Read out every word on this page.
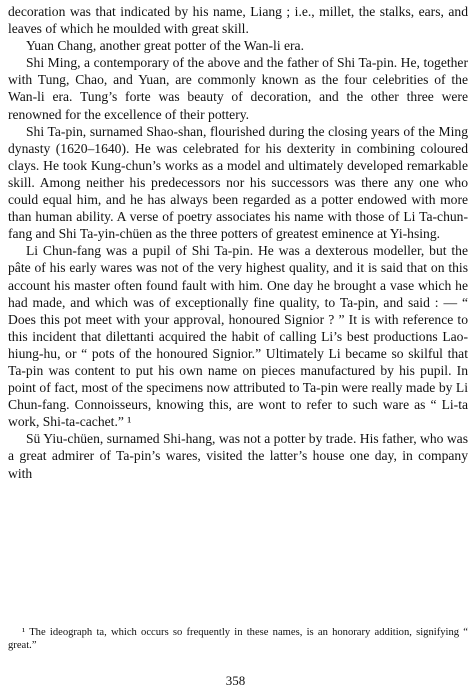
decoration was that indicated by his name, Liang ; i.e., millet, the stalks, ears, and leaves of which he moulded with great skill.

Yuan Chang, another great potter of the Wan-li era.

Shi Ming, a contemporary of the above and the father of Shi Ta-pin. He, together with Tung, Chao, and Yuan, are commonly known as the four celebrities of the Wan-li era. Tung’s forte was beauty of decoration, and the other three were renowned for the excellence of their pottery.

Shi Ta-pin, surnamed Shao-shan, flourished during the closing years of the Ming dynasty (1620–1640). He was celebrated for his dexterity in combining coloured clays. He took Kung-chun’s works as a model and ultimately developed remarkable skill. Among neither his predecessors nor his successors was there any one who could equal him, and he has always been regarded as a potter endowed with more than human ability. A verse of poetry associates his name with those of Li Ta-chun-fang and Shi Ta-yin-chüen as the three potters of greatest eminence at Yi-hsing.

Li Chun-fang was a pupil of Shi Ta-pin. He was a dexterous modeller, but the pâte of his early wares was not of the very highest quality, and it is said that on this account his master often found fault with him. One day he brought a vase which he had made, and which was of exceptionally fine quality, to Ta-pin, and said : — “ Does this pot meet with your approval, honoured Signior ? ” It is with reference to this incident that dilettanti acquired the habit of calling Li’s best productions Lao-hiung-hu, or “ pots of the honoured Signior.” Ultimately Li became so skilful that Ta-pin was content to put his own name on pieces manufactured by his pupil. In point of fact, most of the specimens now attributed to Ta-pin were really made by Li Chun-fang. Connoisseurs, knowing this, are wont to refer to such ware as “ Li-ta work, Shi-ta-cachet.” ¹

Sü Yiu-chüen, surnamed Shi-hang, was not a potter by trade. His father, who was a great admirer of Ta-pin’s wares, visited the latter’s house one day, in company with

¹ The ideograph ta, which occurs so frequently in these names, is an honorary addition, signifying “ great.”

358
